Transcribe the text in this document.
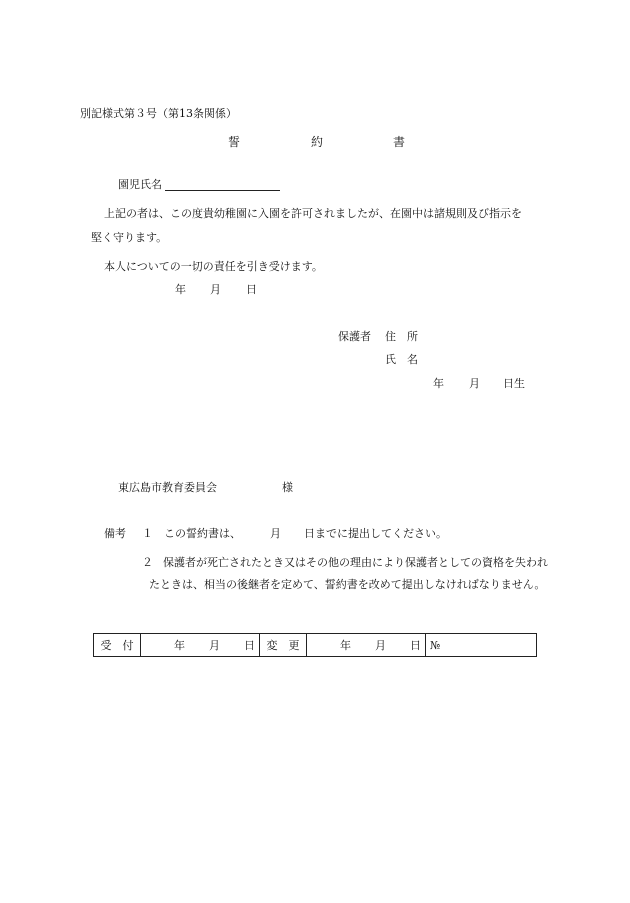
別記様式第３号（第13条関係）
誓	約	書
園児氏名
上記の者は、この度貴幼稚園に入園を許可されましたが、在園中は諸規則及び指示を
堅く守ります。
本人についての一切の責任を引き受けます。
年 月 日
保護者 住　所
氏　名
年 月 日生
東広島市教育委員会	様
備考 １ この誓約書は、	月 日までに提出してください。
２ 保護者が死亡されたとき又はその他の理由により保護者としての資格を失われたときは、相当の後継者を定めて、誓約書を改めて提出しなければなりません。
受　付	年 月 日	変　更	年 月 日	№
